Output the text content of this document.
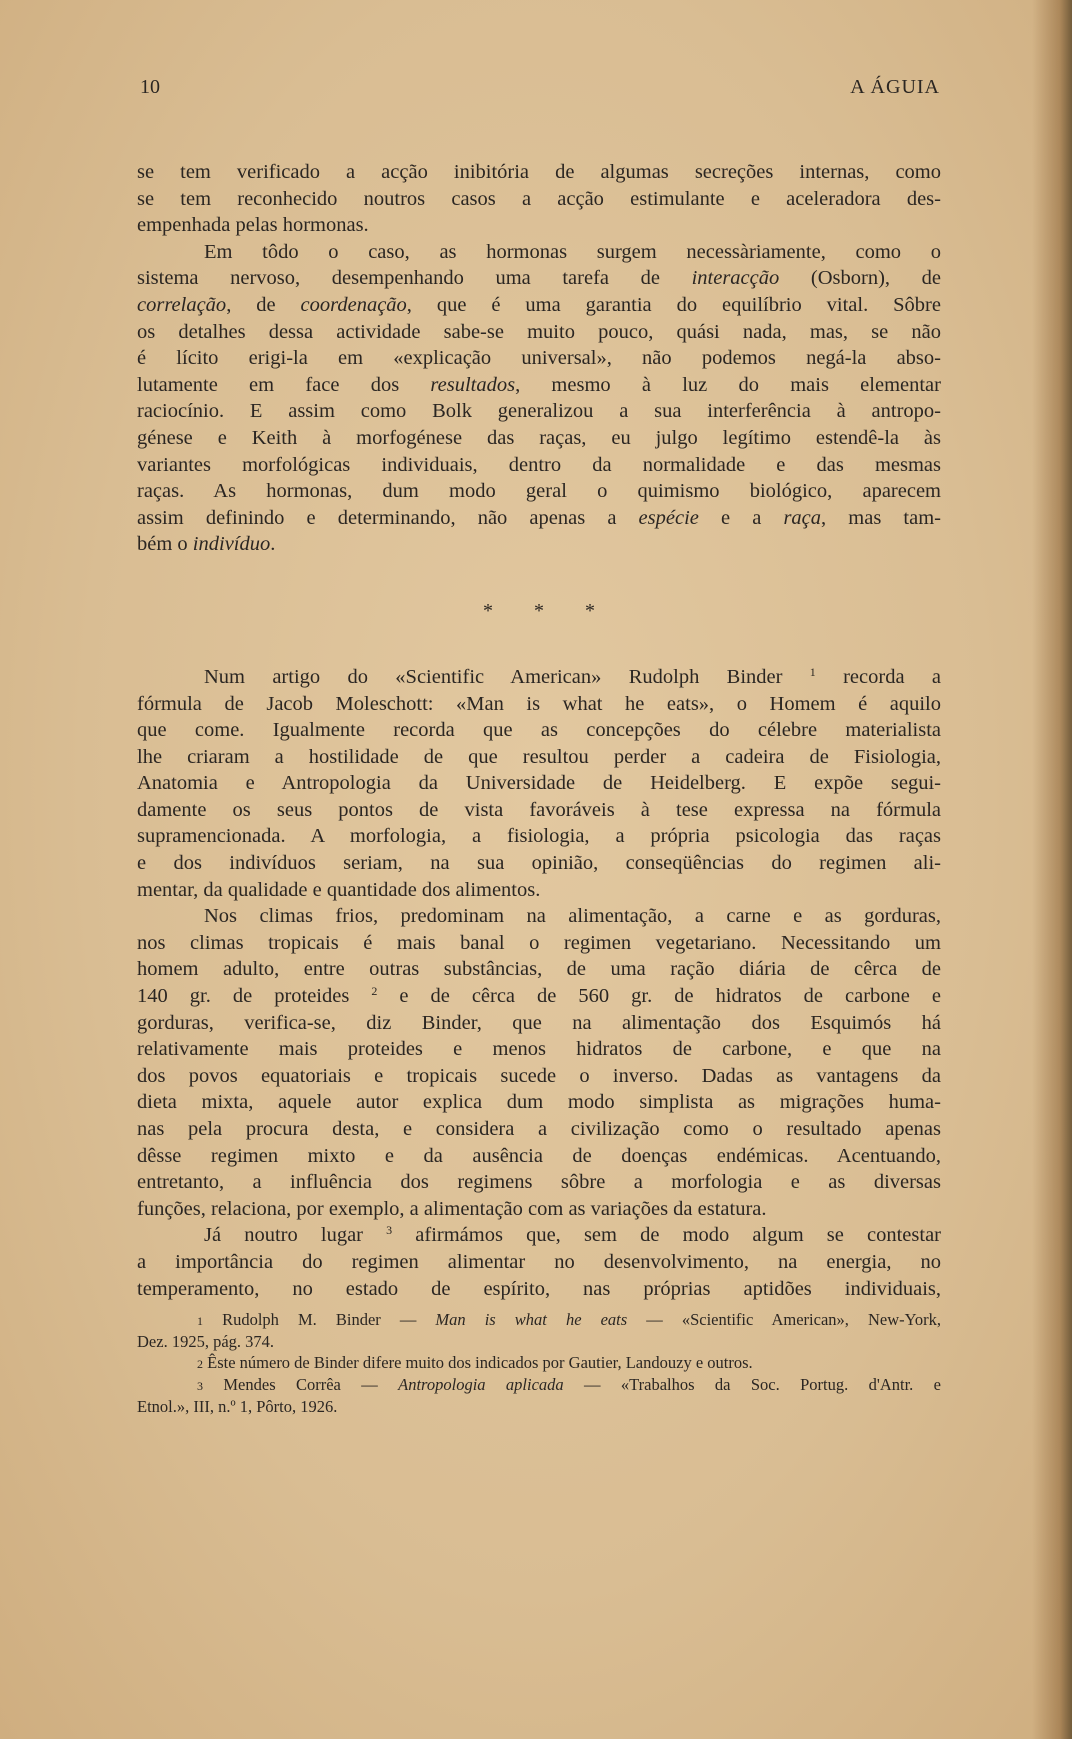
10	A ÁGUIA
se tem verificado a acção inibitória de algumas secreções internas, como
se tem reconhecido noutros casos a acção estimulante e aceleradora des-
empenhada pelas hormonas.
Em tôdo o caso, as hormonas surgem necessàriamente, como o
sistema nervoso, desempenhando uma tarefa de interacção (Osborn), de
correlação, de coordenação, que é uma garantia do equilíbrio vital. Sôbre
os detalhes dessa actividade sabe-se muito pouco, quási nada, mas, se não
é lícito erigi-la em «explicação universal», não podemos negá-la abso-
lutamente em face dos resultados, mesmo à luz do mais elementar
raciocínio. E assim como Bolk generalizou a sua interferência à antropo-
génese e Keith à morfogénese das raças, eu julgo legítimo estendê-la às
variantes morfológicas individuais, dentro da normalidade e das mesmas
raças. As hormonas, dum modo geral o quimismo biológico, aparecem
assim definindo e determinando, não apenas a espécie e a raça, mas tam-
bém o indivíduo.
* * *
Num artigo do «Scientific American» Rudolph Binder $^1$ recorda a
fórmula de Jacob Moleschott: «Man is what he eats», o Homem é aquilo
que come. Igualmente recorda que as concepções do célebre materialista
lhe criaram a hostilidade de que resultou perder a cadeira de Fisiologia,
Anatomia e Antropologia da Universidade de Heidelberg. E expõe segui-
damente os seus pontos de vista favoráveis à tese expressa na fórmula
supramencionada. A morfologia, a fisiologia, a própria psicologia das raças
e dos indivíduos seriam, na sua opinião, conseqüências do regimen ali-
mentar, da qualidade e quantidade dos alimentos.
Nos climas frios, predominam na alimentação, a carne e as gorduras,
nos climas tropicais é mais banal o regimen vegetariano. Necessitando um
homem adulto, entre outras substâncias, de uma ração diária de cêrca de
140 gr. de proteides $^2$ e de cêrca de 560 gr. de hidratos de carbone e
gorduras, verifica-se, diz Binder, que na alimentação dos Esquimós há
relativamente mais proteides e menos hidratos de carbone, e que na
dos povos equatoriais e tropicais sucede o inverso. Dadas as vantagens da
dieta mixta, aquele autor explica dum modo simplista as migrações huma-
nas pela procura desta, e considera a civilização como o resultado apenas
dêsse regimen mixto e da ausência de doenças endémicas. Acentuando,
entretanto, a influência dos regimens sôbre a morfologia e as diversas
funções, relaciona, por exemplo, a alimentação com as variações da estatura.
Já noutro lugar $^3$ afirmámos que, sem de modo algum se contestar
a importância do regimen alimentar no desenvolvimento, na energia, no
temperamento, no estado de espírito, nas próprias aptidões individuais,
1 Rudolph M. Binder — Man is what he eats — «Scientific American», New-York,
Dez. 1925, pág. 374.
2 Êste número de Binder difere muito dos indicados por Gautier, Landouzy e outros.
3 Mendes Corrêa — Antropologia aplicada — «Trabalhos da Soc. Portug. d'Antr. e
Etnol.», III, n.º 1, Pôrto, 1926.
